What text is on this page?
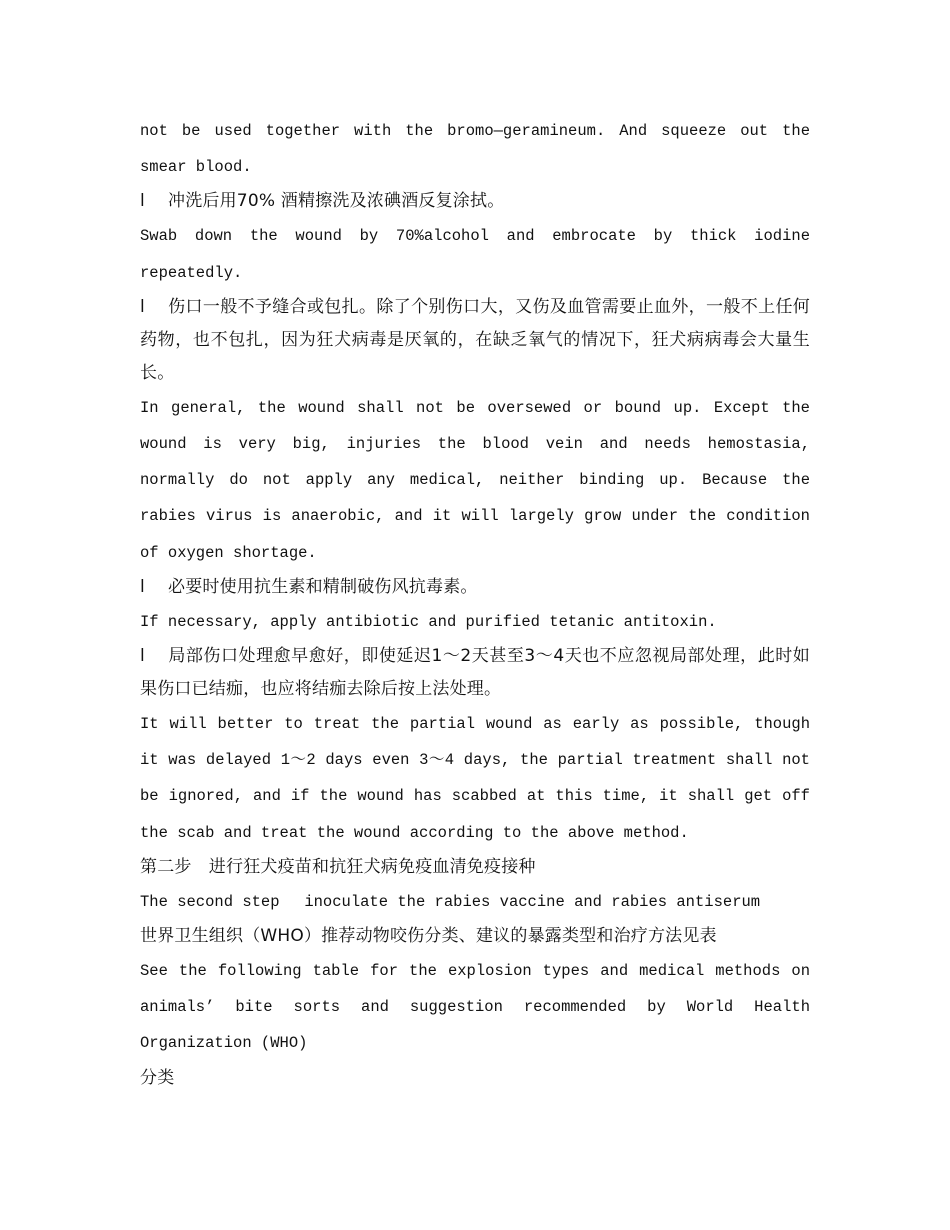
not be used together with the bromo—geramineum. And squeeze out the smear blood.

l 冲洗后用70% 酒精擦洗及浓碘酒反复涂拭。

Swab down the wound by 70%alcohol and embrocate by thick iodine repeatedly.

l 伤口一般不予缝合或包扎。除了个别伤口大，又伤及血管需要止血外，一般不上任何药物，也不包扎，因为狂犬病毒是厌氧的，在缺乏氧气的情况下，狂犬病病毒会大量生长。

In general, the wound shall not be oversewed or bound up. Except the wound is very big, injuries the blood vein and needs hemostasia, normally do not apply any medical, neither binding up. Because the rabies virus is anaerobic, and it will largely grow under the condition of oxygen shortage.

l 必要时使用抗生素和精制破伤风抗毒素。

If necessary, apply antibiotic and purified tetanic antitoxin.

l 局部伤口处理愈早愈好，即使延迟1～2天甚至3～4天也不应忽视局部处理，此时如果伤口已结痂，也应将结痂去除后按上法处理。

It will better to treat the partial wound as early as possible, though it was delayed 1～2 days even 3～4 days, the partial treatment shall not be ignored, and if the wound has scabbed at this time, it shall get off the scab and treat the wound according to the above method.

第二步　进行狂犬疫苗和抗狂犬病免疫血清免疫接种

The second step　 inoculate the rabies vaccine and rabies antiserum

世界卫生组织（WHO）推荐动物咬伤分类、建议的暴露类型和治疗方法见表

See the following table for the explosion types and medical methods on animals’ bite sorts and suggestion recommended by World Health Organization (WHO)

分类
